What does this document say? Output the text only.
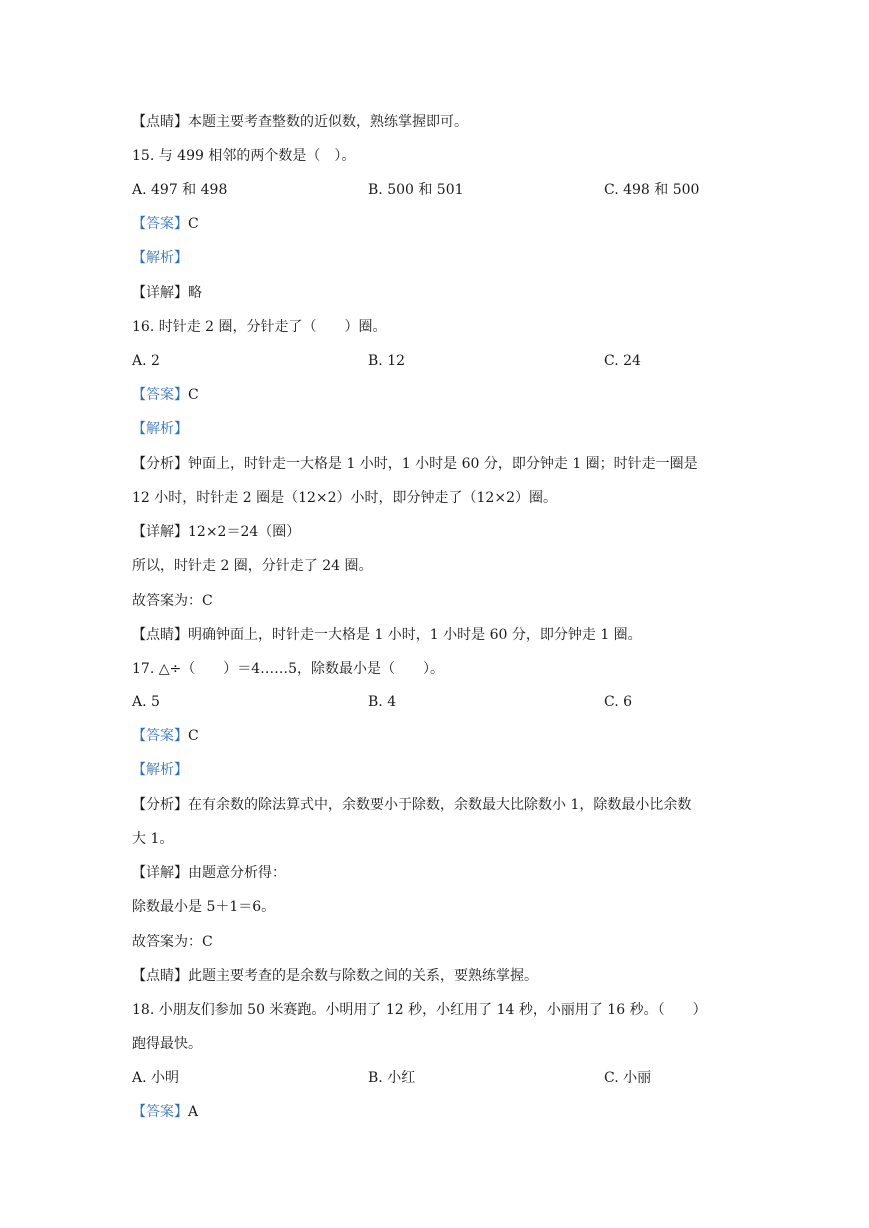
【点睛】本题主要考查整数的近似数，熟练掌握即可。
15. 与 499 相邻的两个数是（　）。
A. 497 和 498	B. 500 和 501	C. 498 和 500
【答案】C
【解析】
【详解】略
16. 时针走 2 圈，分针走了（　　）圈。
A. 2	B. 12	C. 24
【答案】C
【解析】
【分析】钟面上，时针走一大格是 1 小时，1 小时是 60 分，即分钟走 1 圈；时针走一圈是
12 小时，时针走 2 圈是（12×2）小时，即分钟走了（12×2）圈。
【详解】12×2＝24（圈）
所以，时针走 2 圈，分针走了 24 圈。
故答案为：C
【点睛】明确钟面上，时针走一大格是 1 小时，1 小时是 60 分，即分钟走 1 圈。
17. △÷（　　）＝4……5，除数最小是（　　）。
A. 5	B. 4	C. 6
【答案】C
【解析】
【分析】在有余数的除法算式中，余数要小于除数，余数最大比除数小 1，除数最小比余数
大 1。
【详解】由题意分析得：
除数最小是 5＋1＝6。
故答案为：C
【点睛】此题主要考查的是余数与除数之间的关系，要熟练掌握。
18. 小朋友们参加 50 米赛跑。小明用了 12 秒，小红用了 14 秒，小丽用了 16 秒。（　　）
跑得最快。
A. 小明	B. 小红	C. 小丽
【答案】A
